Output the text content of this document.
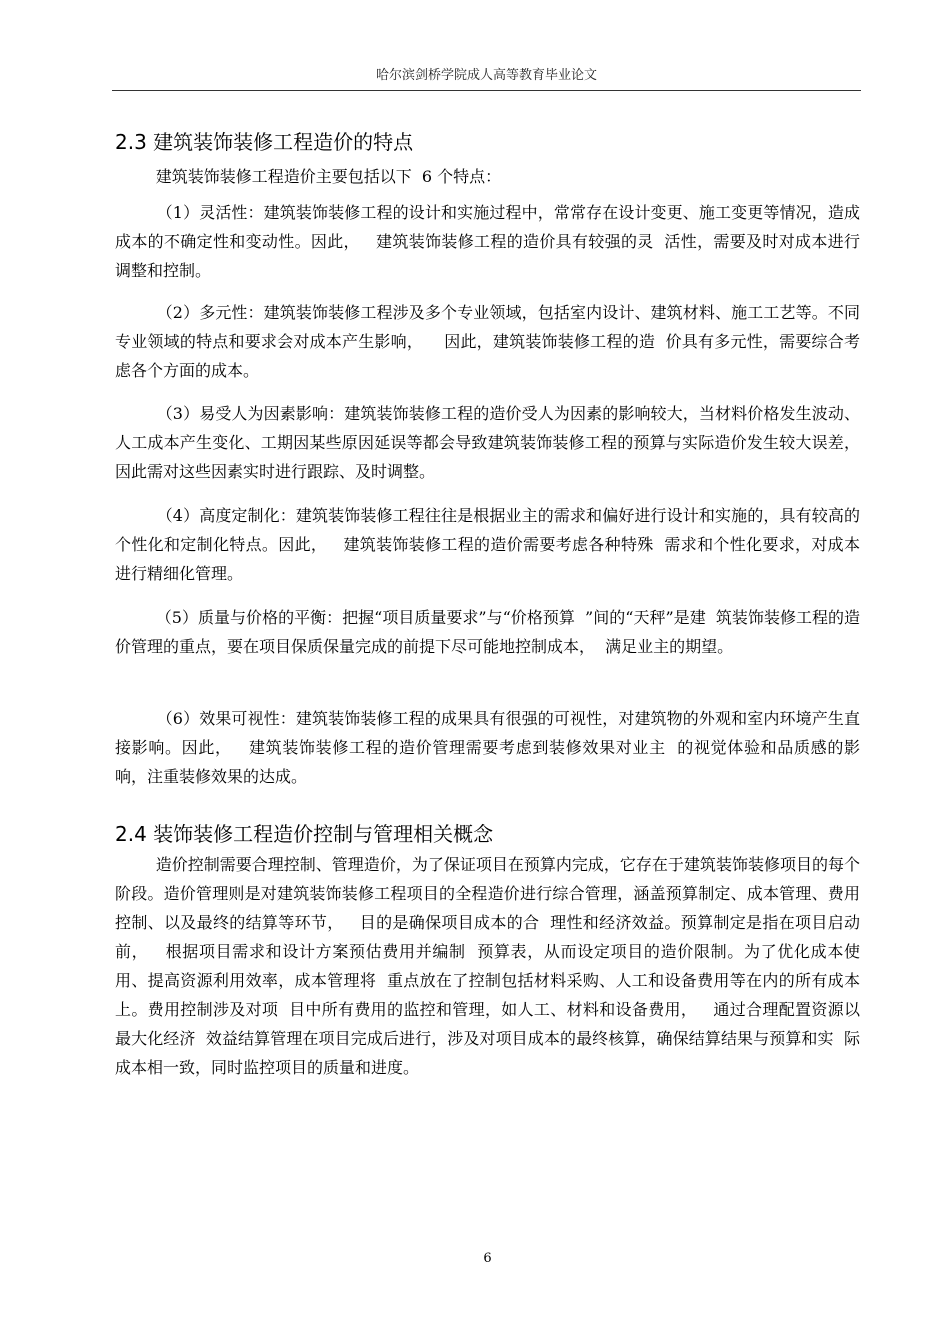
哈尔滨剑桥学院成人高等教育毕业论文
2.3 建筑装饰装修工程造价的特点

建筑装饰装修工程造价主要包括以下  6 个特点：

（1）灵活性：建筑装饰装修工程的设计和实施过程中，常常存在设计变更、施工变更等情况，造成成本的不确定性和变动性。因此，   建筑装饰装修工程的造价具有较强的灵  活性，需要及时对成本进行调整和控制。

（2）多元性：建筑装饰装修工程涉及多个专业领域，包括室内设计、建筑材料、施工工艺等。不同专业领域的特点和要求会对成本产生影响，    因此，建筑装饰装修工程的造  价具有多元性，需要综合考虑各个方面的成本。

（3）易受人为因素影响：建筑装饰装修工程的造价受人为因素的影响较大，当材料价格发生波动、人工成本产生变化、工期因某些原因延误等都会导致建筑装饰装修工程的预算与实际造价发生较大误差，因此需对这些因素实时进行跟踪、及时调整。

（4）高度定制化：建筑装饰装修工程往往是根据业主的需求和偏好进行设计和实施的，具有较高的个性化和定制化特点。因此，   建筑装饰装修工程的造价需要考虑各种特殊  需求和个性化要求，对成本进行精细化管理。

（5）质量与价格的平衡：把握“项目质量要求”与“价格预算  ”间的“天秤”是建  筑装饰装修工程的造价管理的重点，要在项目保质保量完成的前提下尽可能地控制成本，  满足业主的期望。

（6）效果可视性：建筑装饰装修工程的成果具有很强的可视性，对建筑物的外观和室内环境产生直接影响。因此，   建筑装饰装修工程的造价管理需要考虑到装修效果对业主  的视觉体验和品质感的影响，注重装修效果的达成。

2.4 装饰装修工程造价控制与管理相关概念

造价控制需要合理控制、管理造价，为了保证项目在预算内完成，它存在于建筑装饰装修项目的每个阶段。造价管理则是对建筑装饰装修工程项目的全程造价进行综合管理，涵盖预算制定、成本管理、费用控制、以及最终的结算等环节，   目的是确保项目成本的合  理性和经济效益。预算制定是指在项目启动前，   根据项目需求和设计方案预估费用并编制  预算表，从而设定项目的造价限制。为了优化成本使用、提高资源利用效率，成本管理将  重点放在了控制包括材料采购、人工和设备费用等在内的所有成本上。费用控制涉及对项  目中所有费用的监控和管理，如人工、材料和设备费用，   通过合理配置资源以最大化经济  效益结算管理在项目完成后进行，涉及对项目成本的最终核算，确保结算结果与预算和实  际成本相一致，同时监控项目的质量和进度。

6
